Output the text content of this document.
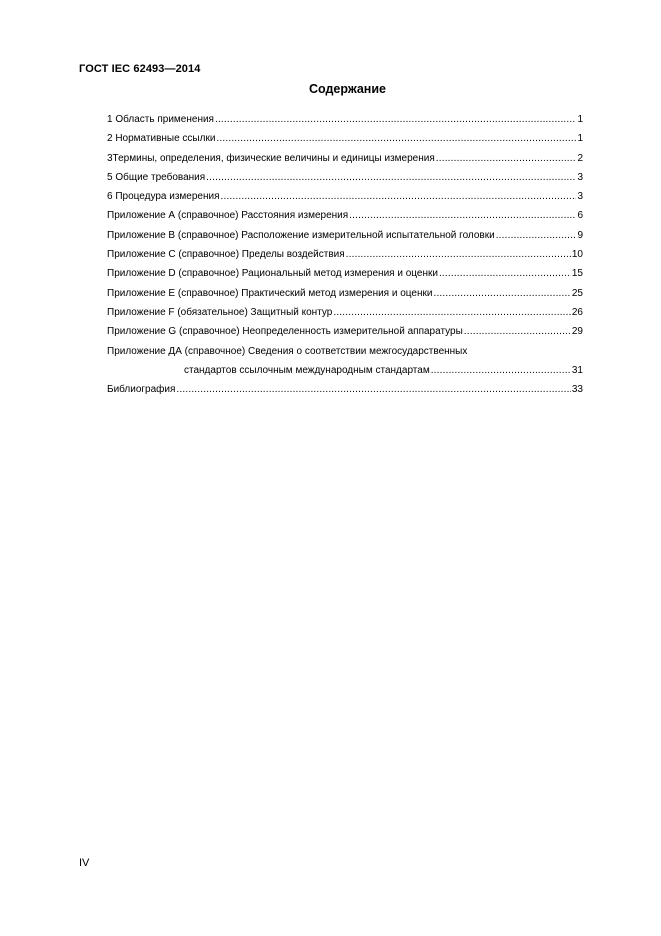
ГОСТ IEC 62493—2014
Содержание
1 Область применения .....	1
2 Нормативные ссылки .....	1
3Термины, определения, физические величины и единицы измерения .....	2
5 Общие требования .....	3
6 Процедура измерения .....	3
Приложение А (справочное) Расстояния измерения .....	6
Приложение В (справочное) Расположение измерительной испытательной головки .....	9
Приложение С (справочное) Пределы воздействия .....	10
Приложение D (справочное) Рациональный метод измерения и оценки .....	15
Приложение Е (справочное) Практический метод измерения и оценки .....	25
Приложение F (обязательное) Защитный контур .....	26
Приложение G (справочное) Неопределенность измерительной аппаратуры .....	29
Приложение ДА (справочное) Сведения о соответствии межгосударственных
стандартов ссылочным международным стандартам .....	31
Библиография .....	33
IV
